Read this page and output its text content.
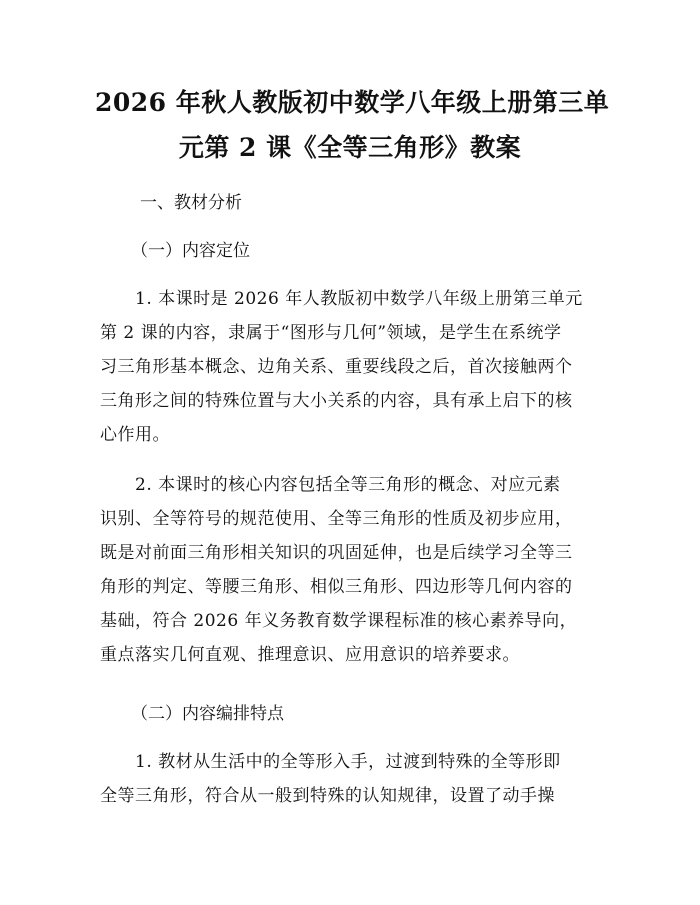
2026 年秋人教版初中数学八年级上册第三单
元第 2 课《全等三角形》教案
一、教材分析
（一）内容定位
　　1. 本课时是 2026 年人教版初中数学八年级上册第三单元
第 2 课的内容，隶属于“图形与几何”领域，是学生在系统学
习三角形基本概念、边角关系、重要线段之后，首次接触两个
三角形之间的特殊位置与大小关系的内容，具有承上启下的核
心作用。
　　2. 本课时的核心内容包括全等三角形的概念、对应元素
识别、全等符号的规范使用、全等三角形的性质及初步应用，
既是对前面三角形相关知识的巩固延伸，也是后续学习全等三
角形的判定、等腰三角形、相似三角形、四边形等几何内容的
基础，符合 2026 年义务教育数学课程标准的核心素养导向，
重点落实几何直观、推理意识、应用意识的培养要求。
（二）内容编排特点
　　1. 教材从生活中的全等形入手，过渡到特殊的全等形即
全等三角形，符合从一般到特殊的认知规律，设置了动手操
